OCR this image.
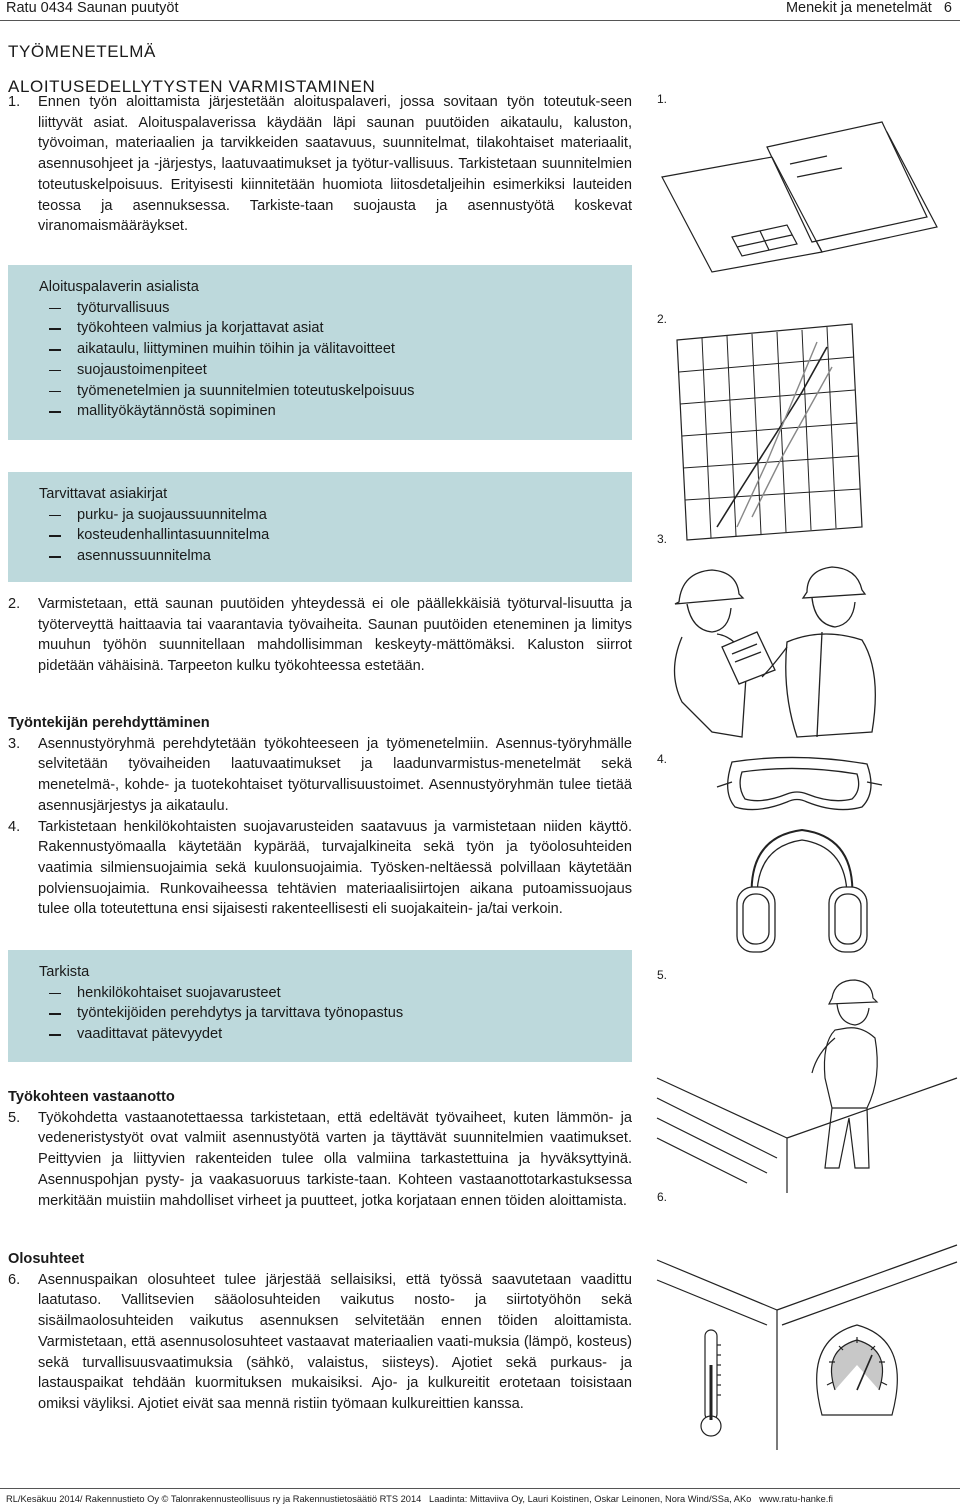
Ratu 0434 Saunan puutyöt	Menekit ja menetelmät   6
TYÖMENETELMÄ
ALOITUSEDELLYTYSTEN VARMISTAMINEN
1.	Ennen työn aloittamista järjestetään aloituspalaveri, jossa sovitaan työn toteutuk-seen liittyvät asiat. Aloituspalaverissa käydään läpi saunan puutöiden aikataulu, kaluston, työvoiman, materiaalien ja tarvikkeiden saatavuus, suunnitelmat, tilakohtaiset materiaalit, asennusohjeet ja -järjestys, laatuvaatimukset ja työtur-vallisuus. Tarkistetaan suunnitelmien toteutuskelpoisuus. Erityisesti kiinnitetään huomiota liitosdetaljeihin esimerkiksi lauteiden teossa ja asennuksessa. Tarkiste-taan suojausta ja asennustyötä koskevat viranomaismääräykset.
Aloituspalaverin asialista
työturvallisuus
työkohteen valmius ja korjattavat asiat
aikataulu, liittyminen muihin töihin ja välitavoitteet
suojaustoimenpiteet
työmenetelmien ja suunnitelmien toteutuskelpoisuus
mallityökäytännöstä sopiminen
Tarvittavat asiakirjat
purku- ja suojaussuunnitelma
kosteudenhallintasuunnitelma
asennussuunnitelma
2.	Varmistetaan, että saunan puutöiden yhteydessä ei ole päällekkäisiä työturval-lisuutta ja työterveyttä haittaavia tai vaarantavia työvaiheita. Saunan puutöiden eteneminen ja limitys muuhun työhön suunnitellaan mahdollisimman keskeyty-mättömäksi. Kaluston siirrot pidetään vähäisinä. Tarpeeton kulku työkohteessa estetään.
Työntekijän perehdyttäminen
3.	Asennustyöryhmä perehdytetään työkohteeseen ja työmenetelmiin. Asennus-työryhmälle selvitetään työvaiheiden laatuvaatimukset ja laadunvarmistus-menetelmät sekä menetelmä-, kohde- ja tuotekohtaiset työturvallisuustoimet. Asennustyöryhmän tulee tietää asennusjärjestys ja aikataulu.
4.	Tarkistetaan henkilökohtaisten suojavarusteiden saatavuus ja varmistetaan niiden käyttö. Rakennustyömaalla käytetään kypärää, turvajalkineita sekä työn ja työolosuhteiden vaatimia silmiensuojaimia sekä kuulonsuojaimia. Työsken-neltäessä polvillaan käytetään polviensuojaimia. Runkovaiheessa tehtävien materiaalisiirtojen aikana putoamissuojaus tulee olla toteutettuna ensi sijaisesti rakenteellisesti eli suojakaitein- ja/tai verkoin.
Tarkista
henkilökohtaiset suojavarusteet
työntekijöiden perehdytys ja tarvittava työnopastus
vaadittavat pätevyydet
Työkohteen vastaanotto
5.	Työkohdetta vastaanotettaessa tarkistetaan, että edeltävät työvaiheet, kuten lämmön- ja vedeneristystyöt ovat valmiit asennustyötä varten ja täyttävät suunnitelmien vaatimukset. Peittyvien ja liittyvien rakenteiden tulee olla valmiina tarkastettuina ja hyväksyttyinä. Asennuspohjan pysty- ja vaakasuoruus tarkiste-taan. Kohteen vastaanottotarkastuksessa merkitään muistiin mahdolliset virheet ja puutteet, jotka korjataan ennen töiden aloittamista.
Olosuhteet
6.	Asennuspaikan olosuhteet tulee järjestää sellaisiksi, että työssä saavutetaan vaadittu laatutaso. Vallitsevien sääolosuhteiden vaikutus nosto- ja siirtotyöhön sekä sisäilmaolosuhteiden vaikutus asennuksen selvitetään ennen töiden aloittamista. Varmistetaan, että asennusolosuhteet vastaavat materiaalien vaati-muksia (lämpö, kosteus) sekä turvallisuusvaatimuksia (sähkö, valaistus, siisteys). Ajotiet sekä purkaus- ja lastauspaikat tehdään kuormituksen mukaisiksi. Ajo- ja kulkureitit erotetaan toisistaan omiksi väyliksi. Ajotiet eivät saa mennä ristiin työmaan kulkureittien kanssa.
1.
2.
3.
4.
5.
6.
RL/Kesäkuu 2014/ Rakennustieto Oy © Talonrakennusteollisuus ry ja Rakennustietosäätiö RTS 2014   Laadinta: Mittaviiva Oy, Lauri Koistinen, Oskar Leinonen, Nora Wind/SSa, AKo   www.ratu-hanke.fi
